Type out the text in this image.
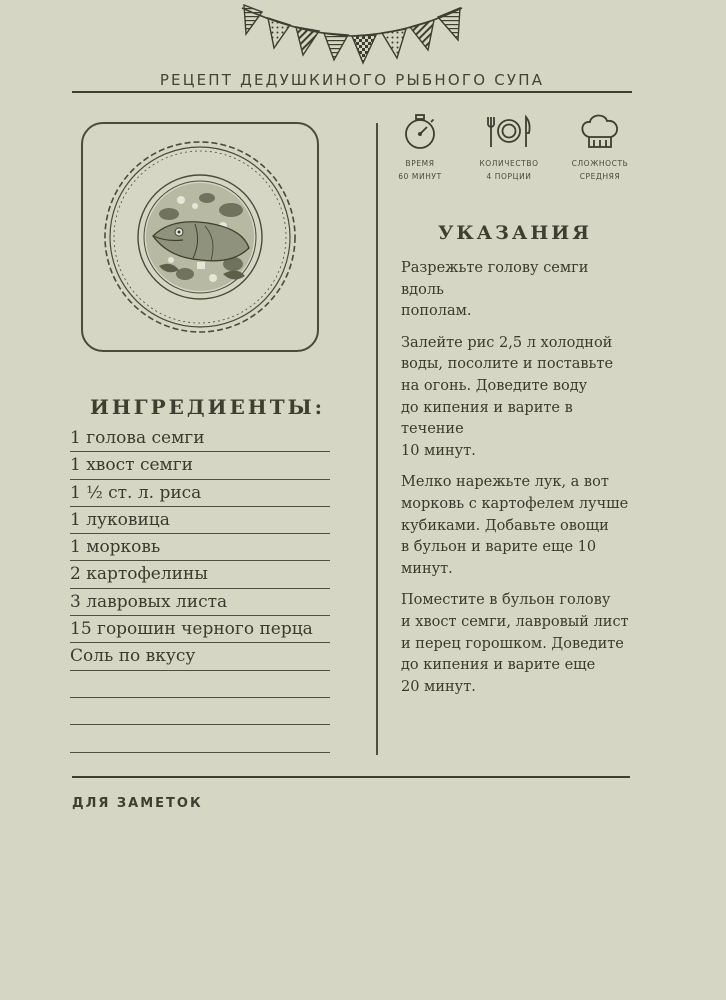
РЕЦЕПТ ДЕДУШКИНОГО РЫБНОГО СУПА
ИНГРЕДИЕНТЫ:
1 голова семги
1 хвост семги
1 ½ ст. л. риса
1 луковица
1 морковь
2 картофелины
3 лавровых листа
15 горошин черного перца
Соль по вкусу
ВРЕМЯ
60 МИНУТ
КОЛИЧЕСТВО
4 ПОРЦИИ
СЛОЖНОСТЬ
СРЕДНЯЯ
УКАЗАНИЯ

Разрежьте голову семги вдоль
пополам.

Залейте рис 2,5 л холодной
воды, посолите и поставьте
на огонь. Доведите воду
до кипения и варите в течение
10 минут.

Мелко нарежьте лук, а вот
морковь с картофелем лучше
кубиками. Добавьте овощи
в бульон и варите еще 10
минут.

Поместите в бульон голову
и хвост семги, лавровый лист
и перец горошком. Доведите
до кипения и варите еще
20 минут.

ДЛЯ ЗАМЕТОК
